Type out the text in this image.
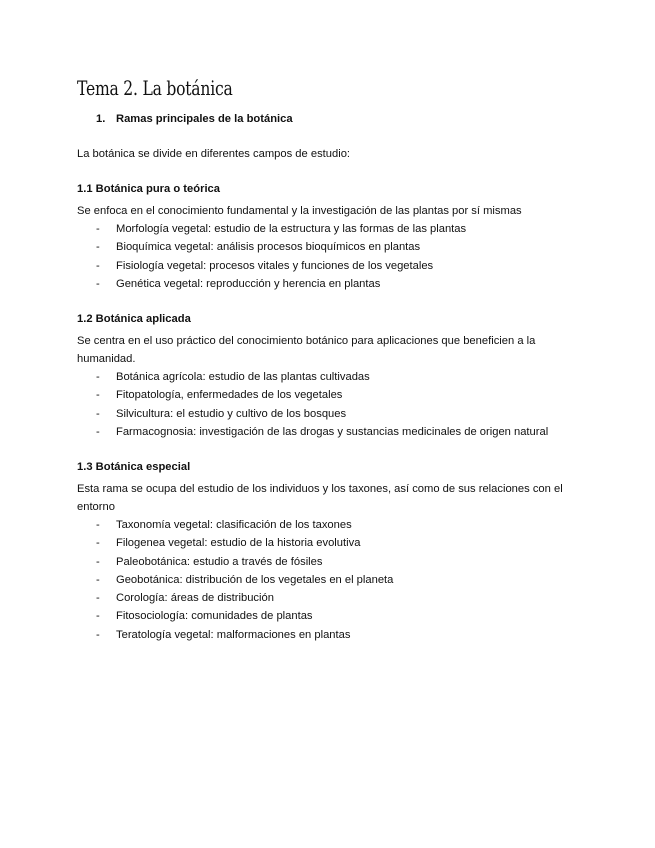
Tema 2. La botánica

1. Ramas principales de la botánica

La botánica se divide en diferentes campos de estudio:

1.1 Botánica pura o teórica

Se enfoca en el conocimiento fundamental y la investigación de las plantas por sí mismas

- Morfología vegetal: estudio de la estructura y las formas de las plantas
- Bioquímica vegetal: análisis procesos bioquímicos en plantas
- Fisiología vegetal: procesos vitales y funciones de los vegetales
- Genética vegetal: reproducción y herencia en plantas

1.2 Botánica aplicada

Se centra en el uso práctico del conocimiento botánico para aplicaciones que beneficien a la humanidad.

- Botánica agrícola: estudio de las plantas cultivadas
- Fitopatología, enfermedades de los vegetales
- Silvicultura: el estudio y cultivo de los bosques
- Farmacognosia: investigación de las drogas y sustancias medicinales de origen natural

1.3 Botánica especial

Esta rama se ocupa del estudio de los individuos y los taxones, así como de sus relaciones con el entorno

- Taxonomía vegetal: clasificación de los taxones
- Filogenea vegetal: estudio de la historia evolutiva
- Paleobotánica: estudio a través de fósiles
- Geobotánica: distribución de los vegetales en el planeta
- Corología: áreas de distribución
- Fitosociología: comunidades de plantas
- Teratología vegetal: malformaciones en plantas
